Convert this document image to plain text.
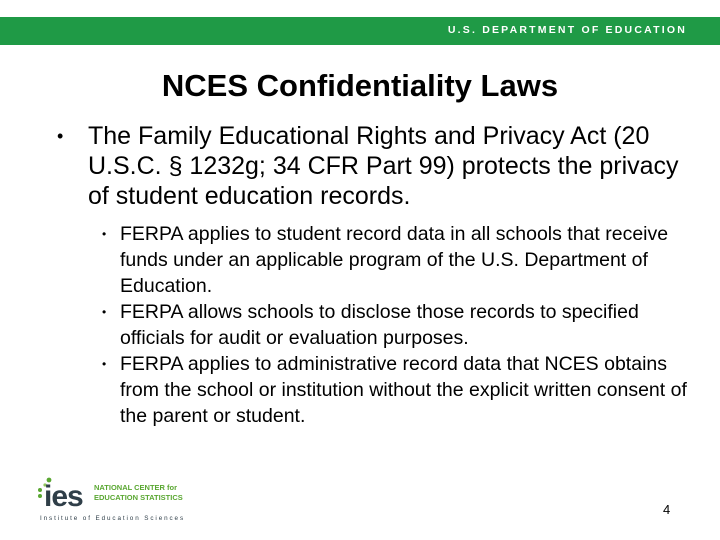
U.S. DEPARTMENT OF EDUCATION
NCES Confidentiality Laws
• The Family Educational Rights and Privacy Act (20 U.S.C. § 1232g; 34 CFR Part 99) protects the privacy of student education records.
• FERPA applies to student record data in all schools that receive funds under an applicable program of the U.S. Department of Education.
• FERPA allows schools to disclose those records to specified officials for audit or evaluation purposes.
• FERPA applies to administrative record data that NCES obtains from the school or institution without the explicit written consent of the parent or student.
ies NATIONAL CENTER for
EDUCATION STATISTICS
Institute of Education Sciences
4
